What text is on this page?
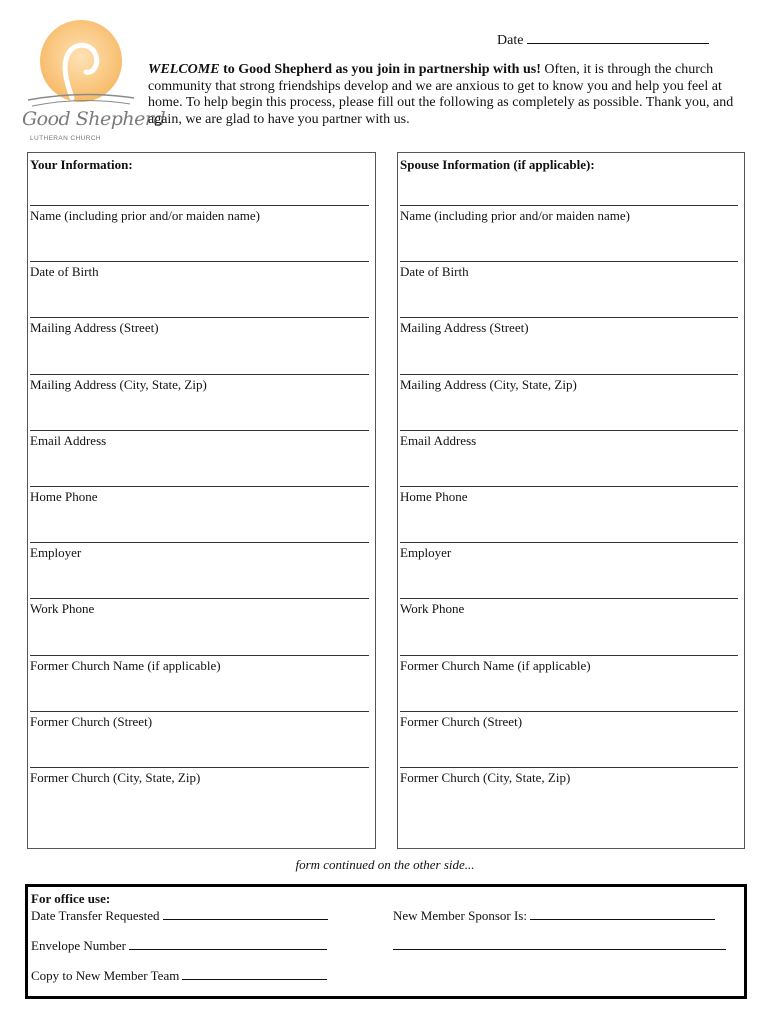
Good Shepherd
LUTHERAN CHURCH
Date

WELCOME to Good Shepherd as you join in partnership with us! Often, it is through the church community that strong friendships develop and we are anxious to get to know you and help you feel at home. To help begin this process, please fill out the following as completely as possible. Thank you, and again, we are glad to have you partner with us.

Your Information:
Name (including prior and/or maiden name)
Date of Birth
Mailing Address (Street)
Mailing Address (City, State, Zip)
Email Address
Home Phone
Employer
Work Phone
Former Church Name (if applicable)
Former Church (Street)
Former Church (City, State, Zip)
Spouse Information (if applicable):
Name (including prior and/or maiden name)
Date of Birth
Mailing Address (Street)
Mailing Address (City, State, Zip)
Email Address
Home Phone
Employer
Work Phone
Former Church Name (if applicable)
Former Church (Street)
Former Church (City, State, Zip)
form continued on the other side...
For office use:
Date Transfer Requested	New Member Sponsor Is:
Envelope Number
Copy to New Member Team
